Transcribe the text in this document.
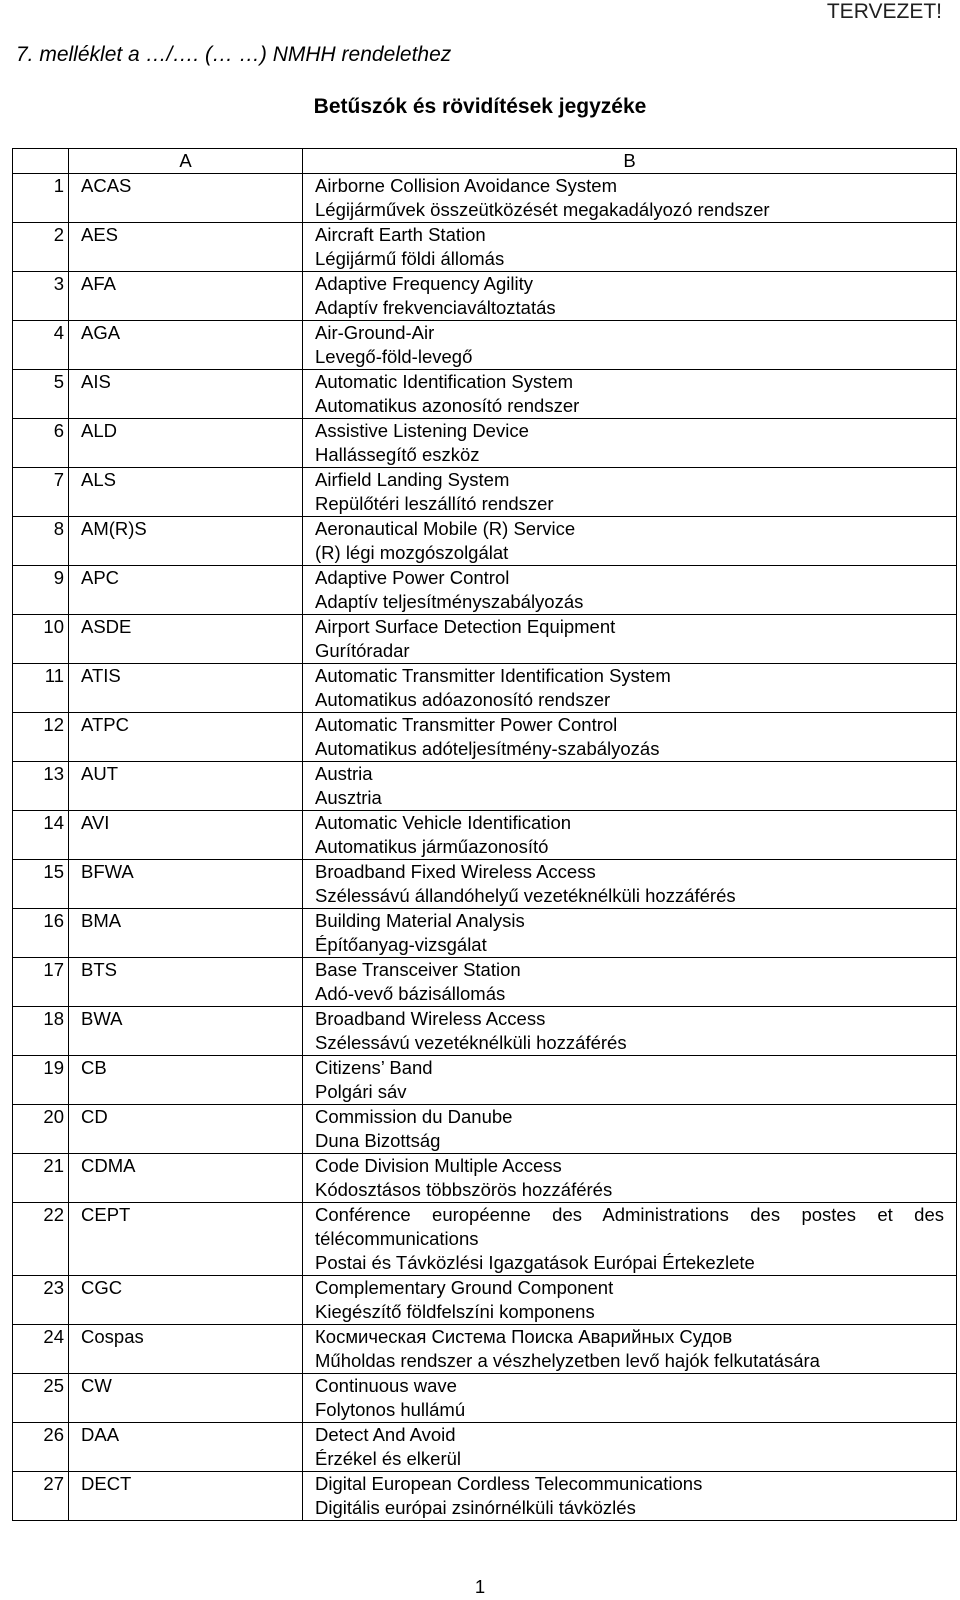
TERVEZET!
7. melléklet a …/…. (… …) NMHH rendelethez
Betűszók és rövidítések jegyzéke
	A	B
1	ACAS	Airborne Collision Avoidance System
Légijárművek összeütközését megakadályozó rendszer

2	AES	Aircraft Earth Station
Légijármű földi állomás

3	AFA	Adaptive Frequency Agility
Adaptív frekvenciaváltoztatás

4	AGA	Air-Ground-Air
Levegő-föld-levegő

5	AIS	Automatic Identification System
Automatikus azonosító rendszer

6	ALD	Assistive Listening Device
Hallássegítő eszköz

7	ALS	Airfield Landing System
Repülőtéri leszállító rendszer

8	AM(R)S	Aeronautical Mobile (R) Service
(R) légi mozgószolgálat

9	APC	Adaptive Power Control
Adaptív teljesítményszabályozás

10	ASDE	Airport Surface Detection Equipment
Gurítóradar

11	ATIS	Automatic Transmitter Identification System
Automatikus adóazonosító rendszer

12	ATPC	Automatic Transmitter Power Control
Automatikus adóteljesítmény-szabályozás

13	AUT	Austria
Ausztria

14	AVI	Automatic Vehicle Identification
Automatikus járműazonosító

15	BFWA	Broadband Fixed Wireless Access
Szélessávú állandóhelyű vezetéknélküli hozzáférés

16	BMA	Building Material Analysis
Építőanyag-vizsgálat

17	BTS	Base Transceiver Station
Adó-vevő bázisállomás

18	BWA	Broadband Wireless Access
Szélessávú vezetéknélküli hozzáférés

19	CB	Citizens’ Band
Polgári sáv

20	CD	Commission du Danube
Duna Bizottság

21	CDMA	Code Division Multiple Access
Kódosztásos többszörös hozzáférés

22	CEPT	Conférence européenne des Administrations des postes et des télécommunications
Postai és Távközlési Igazgatások Európai Értekezlete

23	CGC	Complementary Ground Component
Kiegészítő földfelszíni komponens

24	Cospas	Космическая Система Поиска Аварийных Судов
Műholdas rendszer a vészhelyzetben levő hajók felkutatására

25	CW	Continuous wave
Folytonos hullámú

26	DAA	Detect And Avoid
Érzékel és elkerül

27	DECT	Digital European Cordless Telecommunications
Digitális európai zsinórnélküli távközlés
1
